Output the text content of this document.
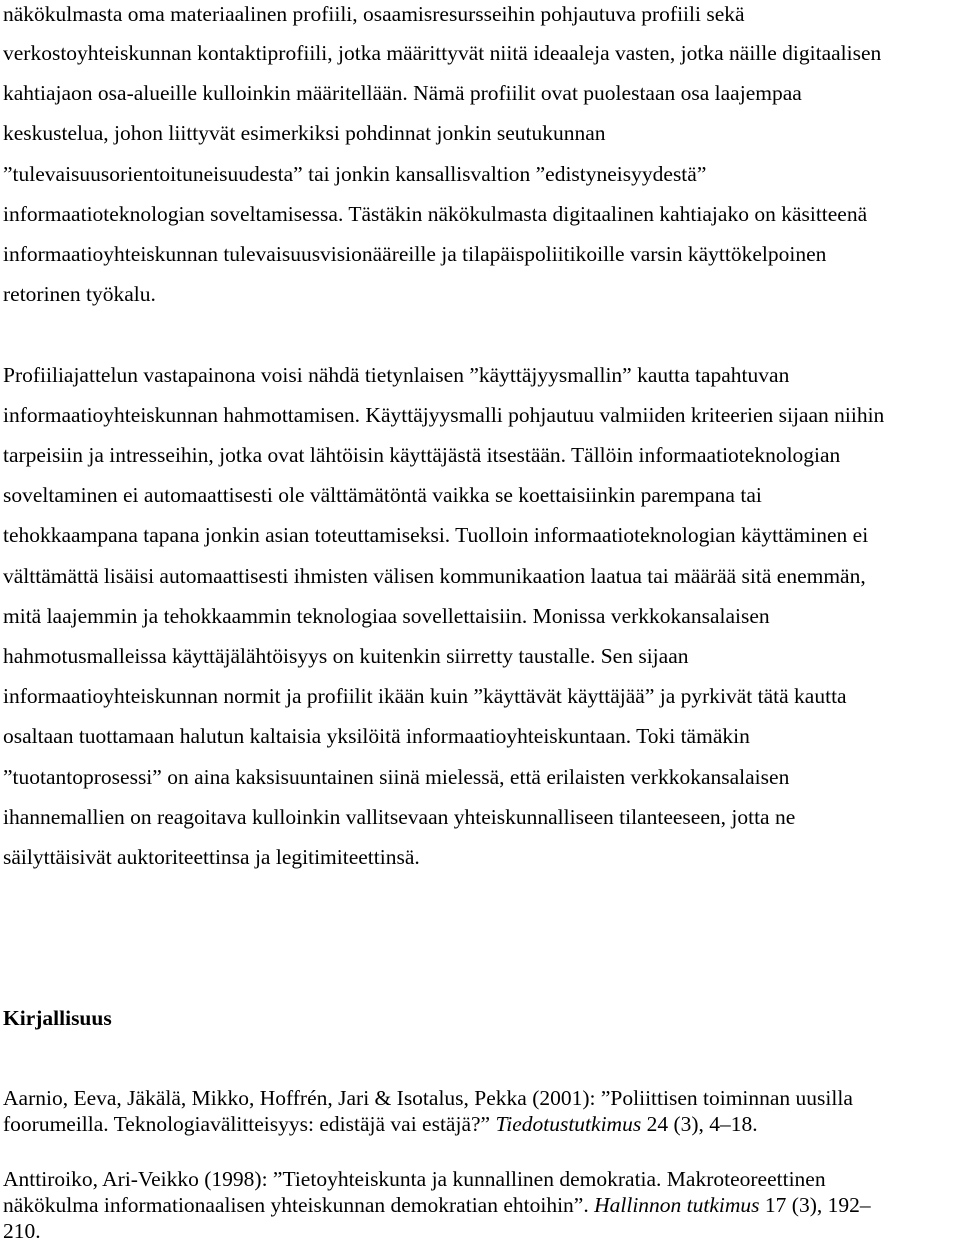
näkökulmasta oma materiaalinen profiili, osaamisresursseihin pohjautuva profiili sekä
verkostoyhteiskunnan kontaktiprofiili, jotka määrittyvät niitä ideaaleja vasten, jotka näille digitaalisen
kahtiajaon osa-alueille kulloinkin määritellään. Nämä profiilit ovat puolestaan osa laajempaa
keskustelua, johon liittyvät esimerkiksi pohdinnat jonkin seutukunnan
”tulevaisuusorientoituneisuudesta” tai jonkin kansallisvaltion ”edistyneisyydestä”
informaatioteknologian soveltamisessa. Tästäkin näkökulmasta digitaalinen kahtiajako on käsitteenä
informaatioyhteiskunnan tulevaisuusvisionääreille ja tilapäispoliitikoille varsin käyttökelpoinen
retorinen työkalu.
Profiiliajattelun vastapainona voisi nähdä tietynlaisen ”käyttäjyysmallin” kautta tapahtuvan
informaatioyhteiskunnan hahmottamisen. Käyttäjyysmalli pohjautuu valmiiden kriteerien sijaan niihin
tarpeisiin ja intresseihin, jotka ovat lähtöisin käyttäjästä itsestään. Tällöin informaatioteknologian
soveltaminen ei automaattisesti ole välttämätöntä vaikka se koettaisiinkin parempana tai
tehokkaampana tapana jonkin asian toteuttamiseksi. Tuolloin informaatioteknologian käyttäminen ei
välttämättä lisäisi automaattisesti ihmisten välisen kommunikaation laatua tai määrää sitä enemmän,
mitä laajemmin ja tehokkaammin teknologiaa sovellettaisiin. Monissa verkkokansalaisen
hahmotusmalleissa käyttäjälähtöisyys on kuitenkin siirretty taustalle. Sen sijaan
informaatioyhteiskunnan normit ja profiilit ikään kuin ”käyttävät käyttäjää” ja pyrkivät tätä kautta
osaltaan tuottamaan halutun kaltaisia yksilöitä informaatioyhteiskuntaan. Toki tämäkin
”tuotantoprosessi” on aina kaksisuuntainen siinä mielessä, että erilaisten verkkokansalaisen
ihannemallien on reagoitava kulloinkin vallitsevaan yhteiskunnalliseen tilanteeseen, jotta ne
säilyttäisivät auktoriteettinsa ja legitimiteettinsä.
Kirjallisuus
Aarnio, Eeva, Jäkälä, Mikko, Hoffrén, Jari & Isotalus, Pekka (2001): ”Poliittisen toiminnan uusilla
foorumeilla. Teknologiavälitteisyys: edistäjä vai estäjä?” Tiedotustutkimus 24 (3), 4–18.
Anttiroiko, Ari-Veikko (1998): ”Tietoyhteiskunta ja kunnallinen demokratia. Makroteoreettinen
näkökulma informationaalisen yhteiskunnan demokratian ehtoihin”. Hallinnon tutkimus 17 (3), 192–
210.
